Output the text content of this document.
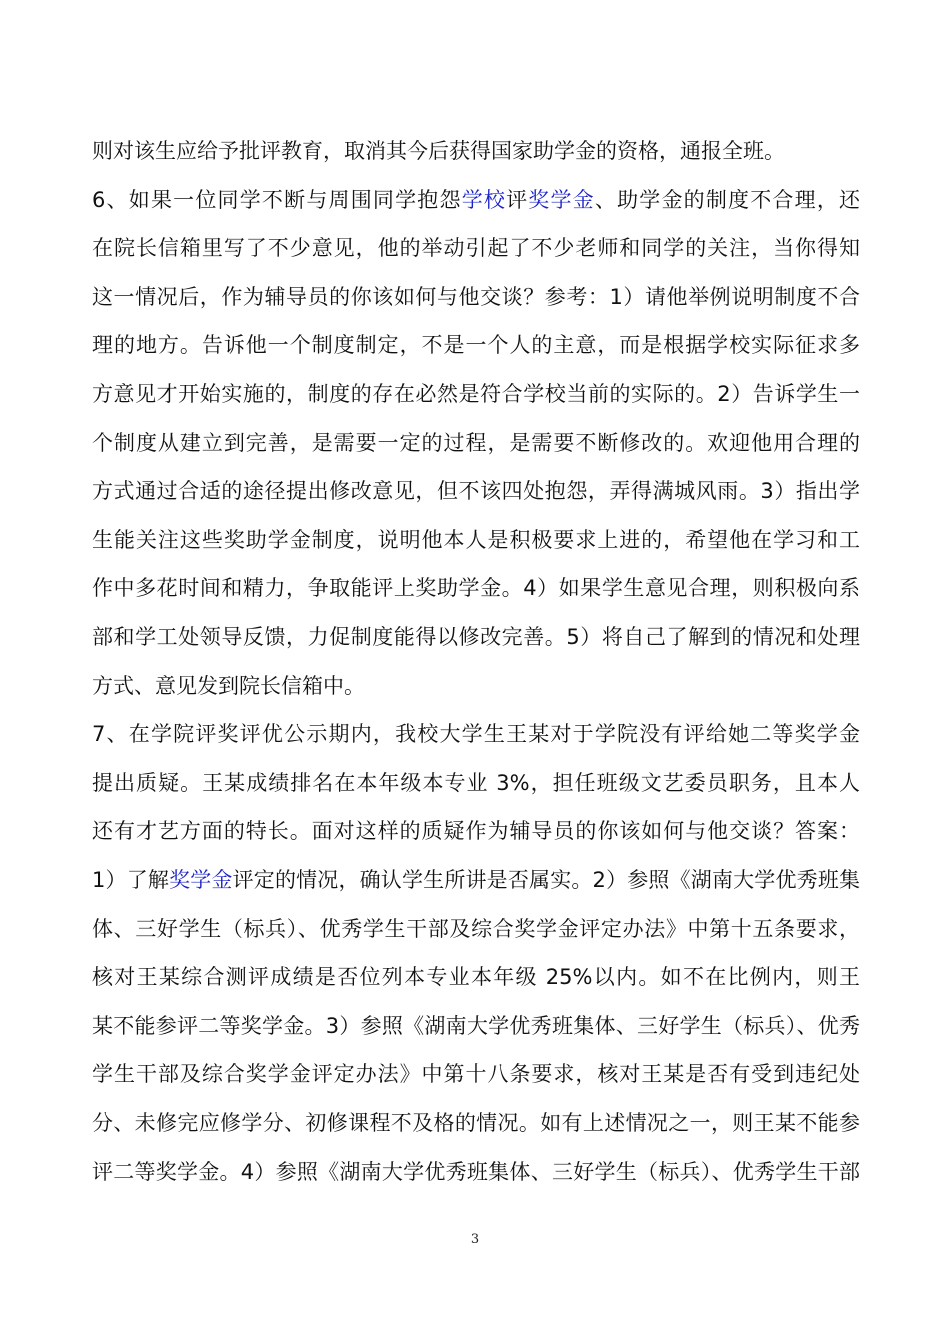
则对该生应给予批评教育，取消其今后获得国家助学金的资格，通报全班。
6、如果一位同学不断与周围同学抱怨学校评奖学金、助学金的制度不合理，还
在院长信箱里写了不少意见，他的举动引起了不少老师和同学的关注，当你得知
这一情况后，作为辅导员的你该如何与他交谈？参考：1）请他举例说明制度不合
理的地方。告诉他一个制度制定，不是一个人的主意，而是根据学校实际征求多
方意见才开始实施的，制度的存在必然是符合学校当前的实际的。2）告诉学生一
个制度从建立到完善，是需要一定的过程，是需要不断修改的。欢迎他用合理的
方式通过合适的途径提出修改意见，但不该四处抱怨，弄得满城风雨。3）指出学
生能关注这些奖助学金制度，说明他本人是积极要求上进的，希望他在学习和工
作中多花时间和精力，争取能评上奖助学金。4）如果学生意见合理，则积极向系
部和学工处领导反馈，力促制度能得以修改完善。5）将自己了解到的情况和处理
方式、意见发到院长信箱中。
7、在学院评奖评优公示期内，我校大学生王某对于学院没有评给她二等奖学金
提出质疑。王某成绩排名在本年级本专业 3%，担任班级文艺委员职务，且本人
还有才艺方面的特长。面对这样的质疑作为辅导员的你该如何与他交谈？答案：
1）了解奖学金评定的情况，确认学生所讲是否属实。2）参照《湖南大学优秀班集
体、三好学生（标兵）、优秀学生干部及综合奖学金评定办法》中第十五条要求，
核对王某综合测评成绩是否位列本专业本年级 25%以内。如不在比例内，则王
某不能参评二等奖学金。3）参照《湖南大学优秀班集体、三好学生（标兵）、优秀
学生干部及综合奖学金评定办法》中第十八条要求，核对王某是否有受到违纪处
分、未修完应修学分、初修课程不及格的情况。如有上述情况之一，则王某不能参
评二等奖学金。4）参照《湖南大学优秀班集体、三好学生（标兵）、优秀学生干部
3
